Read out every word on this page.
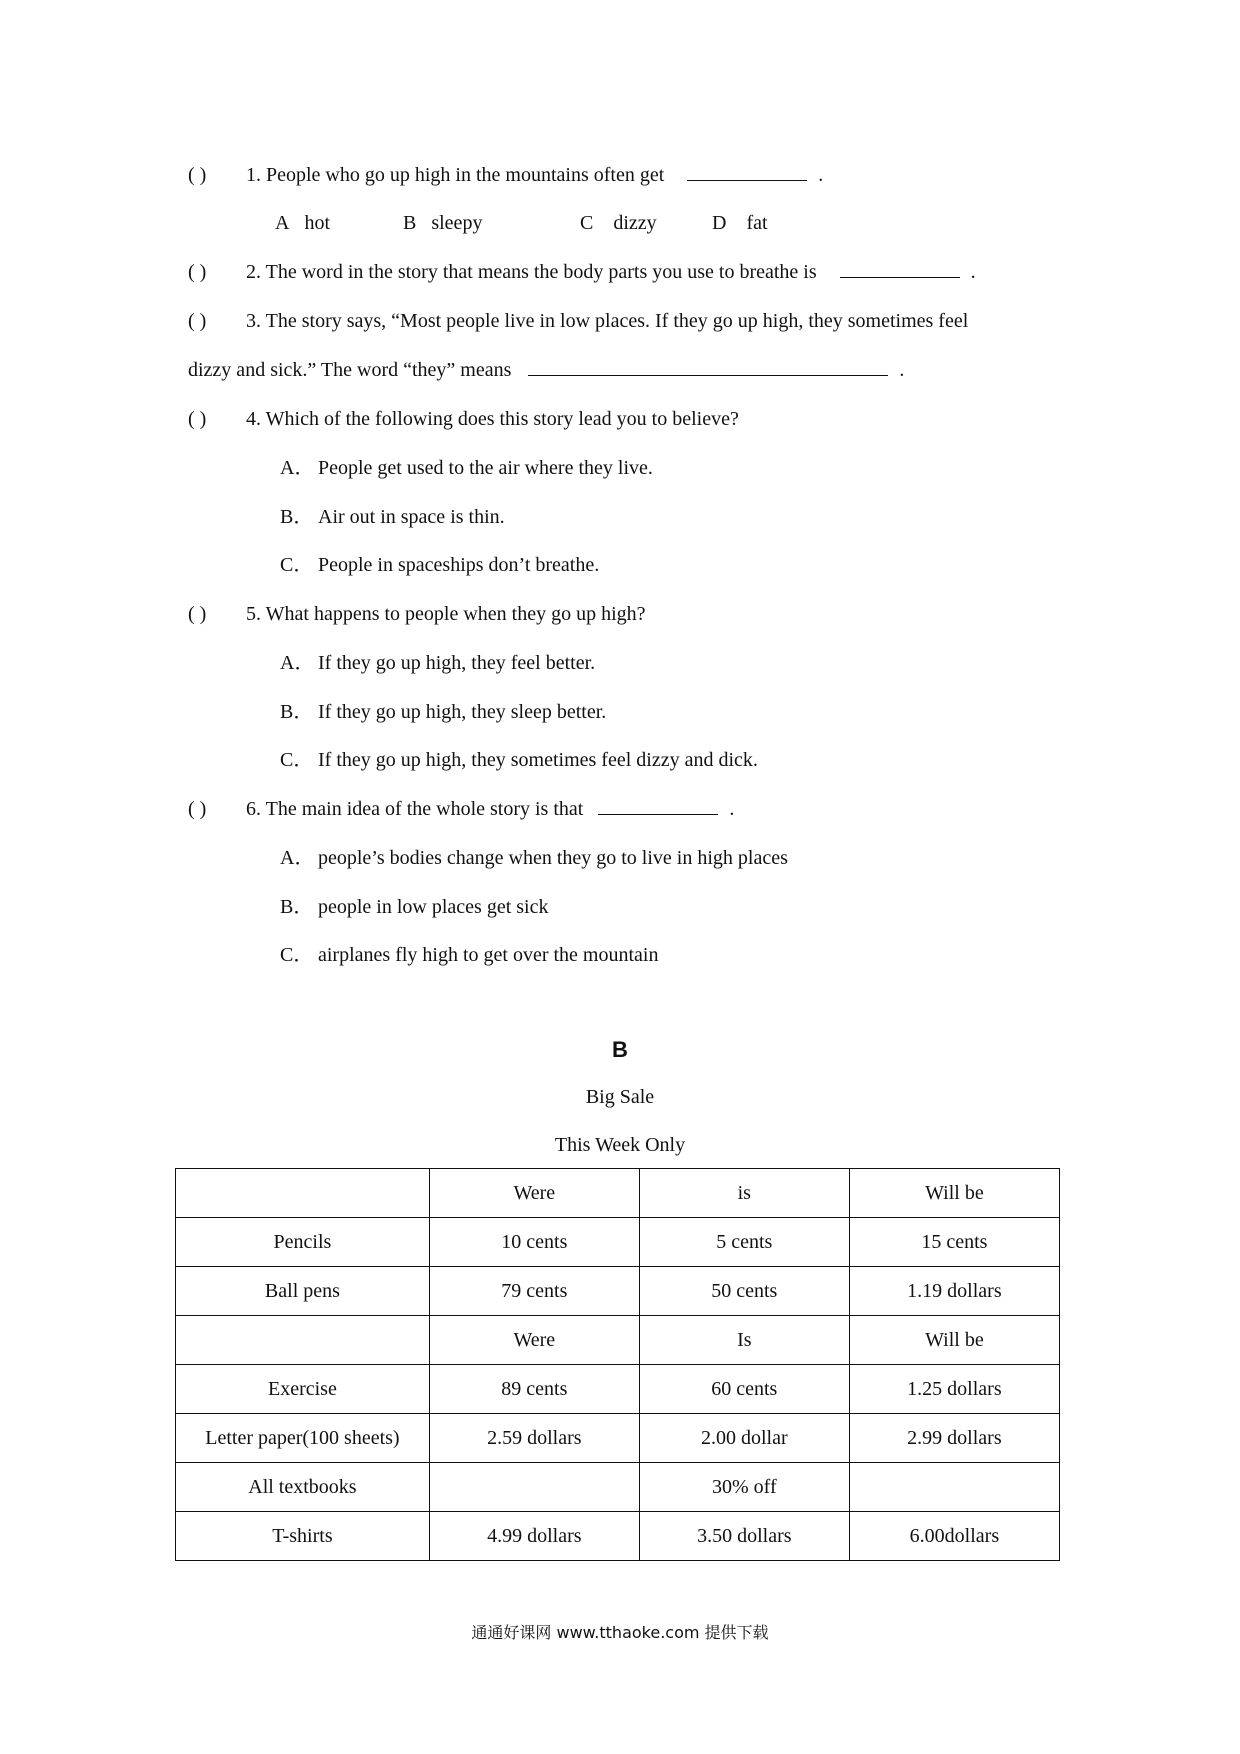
( ) 1. People who go up high in the mountains often get	.
A hot	B sleepy	C dizzy	D fat
( ) 2. The word in the story that means the body parts you use to breathe is	.
( ) 3. The story says, “Most people live in low places. If they go up high, they sometimes feel
dizzy and sick.” The word “they” means	.
( ) 4. Which of the following does this story lead you to believe?
A． People get used to the air where they live.
B． Air out in space is thin.
C． People in spaceships don’t breathe.
( ) 5. What happens to people when they go up high?
A． If they go up high, they feel better.
B． If they go up high, they sleep better.
C． If they go up high, they sometimes feel dizzy and dick.
( ) 6. The main idea of the whole story is that	.
A． people’s bodies change when they go to live in high places
B． people in low places get sick
C． airplanes fly high to get over the mountain
B
Big Sale
This Week Only
	Were	is	Will be
Pencils	10 cents	5 cents	15 cents
Ball pens	79 cents	50 cents	1.19 dollars
	Were	Is	Will be
Exercise	89 cents	60 cents	1.25 dollars
Letter paper(100 sheets)	2.59 dollars	2.00 dollar	2.99 dollars
All textbooks		30% off	
T-shirts	4.99 dollars	3.50 dollars	6.00dollars
通通好课网 www.tthaoke.com 提供下载
